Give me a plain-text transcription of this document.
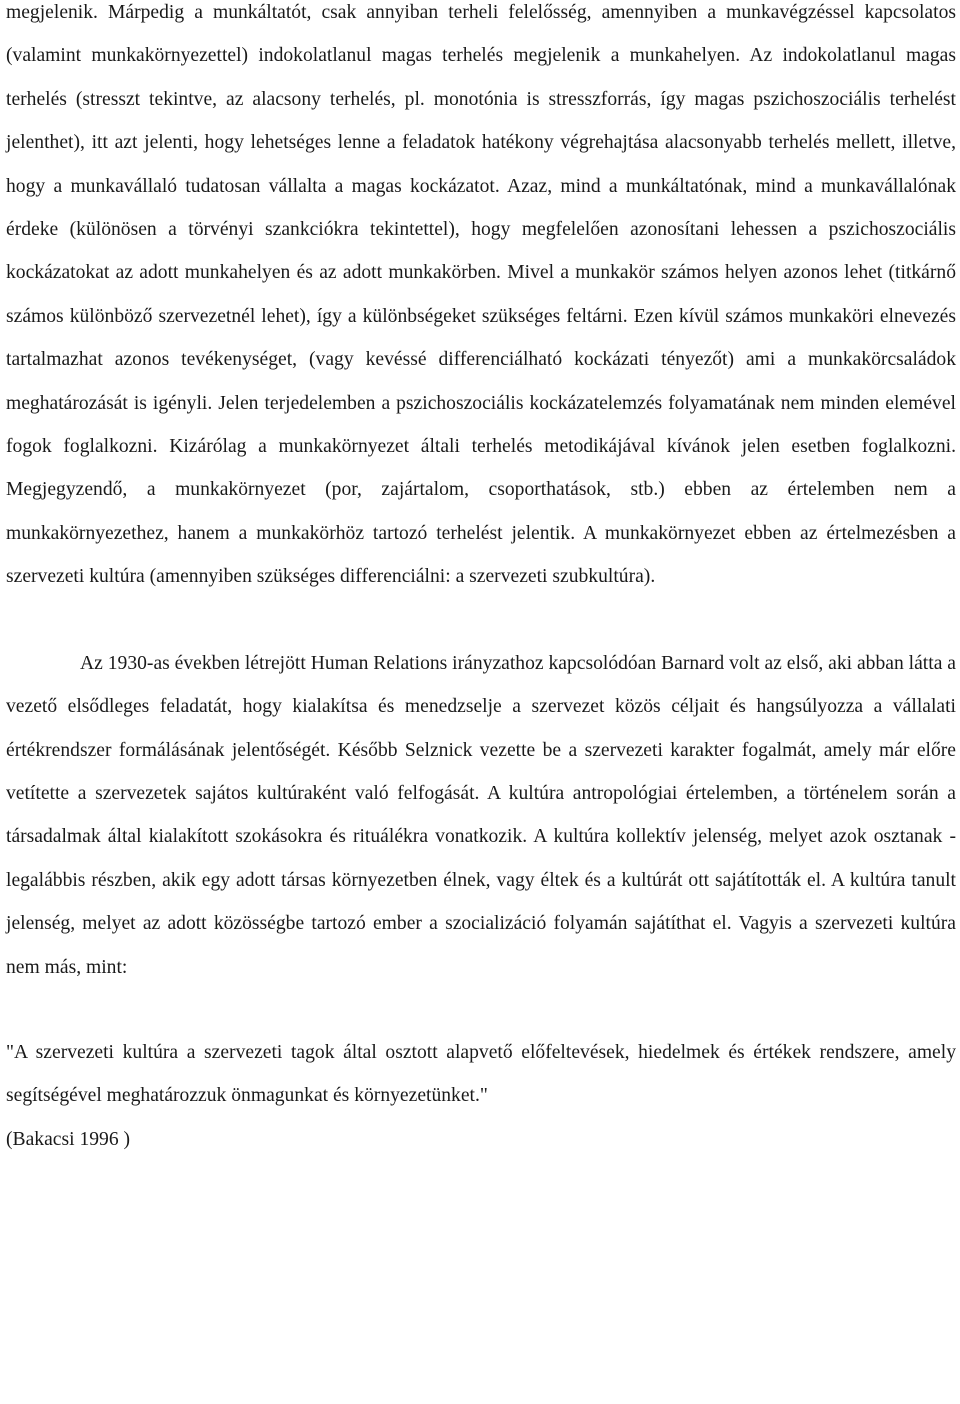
megjelenik. Márpedig a munkáltatót, csak annyiban terheli felelősség, amennyiben a munkavégzéssel kapcsolatos (valamint munkakörnyezettel) indokolatlanul magas terhelés megjelenik a munkahelyen. Az indokolatlanul magas terhelés (stresszt tekintve, az alacsony terhelés, pl. monotónia is stresszforrás, így magas pszichoszociális terhelést jelenthet), itt azt jelenti, hogy lehetséges lenne a feladatok hatékony végrehajtása alacsonyabb terhelés mellett, illetve, hogy a munkavállaló tudatosan vállalta a magas kockázatot. Azaz, mind a munkáltatónak, mind a munkavállalónak érdeke (különösen a törvényi szankciókra tekintettel), hogy megfelelően azonosítani lehessen a pszichoszociális kockázatokat az adott munkahelyen és az adott munkakörben. Mivel a munkakör számos helyen azonos lehet (titkárnő számos különböző szervezetnél lehet), így a különbségeket szükséges feltárni. Ezen kívül számos munkaköri elnevezés tartalmazhat azonos tevékenységet, (vagy kevéssé differenciálható kockázati tényezőt) ami a munkakörcsaládok meghatározását is igényli. Jelen terjedelemben a pszichoszociális kockázatelemzés folyamatának nem minden elemével fogok foglalkozni. Kizárólag a munkakörnyezet általi terhelés metodikájával kívánok jelen esetben foglalkozni. Megjegyzendő, a munkakörnyezet (por, zajártalom, csoporthatások, stb.) ebben az értelemben nem a munkakörnyezethez, hanem a munkakörhöz tartozó terhelést jelentik. A munkakörnyezet ebben az értelmezésben a szervezeti kultúra (amennyiben szükséges differenciálni: a szervezeti szubkultúra).

Az 1930-as években létrejött Human Relations irányzathoz kapcsolódóan Barnard volt az első, aki abban látta a vezető elsődleges feladatát, hogy kialakítsa és menedzselje a szervezet közös céljait és hangsúlyozza a vállalati értékrendszer formálásának jelentőségét. Később Selznick vezette be a szervezeti karakter fogalmát, amely már előre vetítette a szervezetek sajátos kultúraként való felfogását. A kultúra antropológiai értelemben, a történelem során a társadalmak által kialakított szokásokra és rituálékra vonatkozik. A kultúra kollektív jelenség, melyet azok osztanak - legalábbis részben, akik egy adott társas környezetben élnek, vagy éltek és a kultúrát ott sajátították el. A kultúra tanult jelenség, melyet az adott közösségbe tartozó ember a szocializáció folyamán sajátíthat el. Vagyis a szervezeti kultúra nem más, mint:

"A szervezeti kultúra a szervezeti tagok által osztott alapvető előfeltevések, hiedelmek és értékek rendszere, amely segítségével meghatározzuk önmagunkat és környezetünket."

(Bakacsi 1996 )
